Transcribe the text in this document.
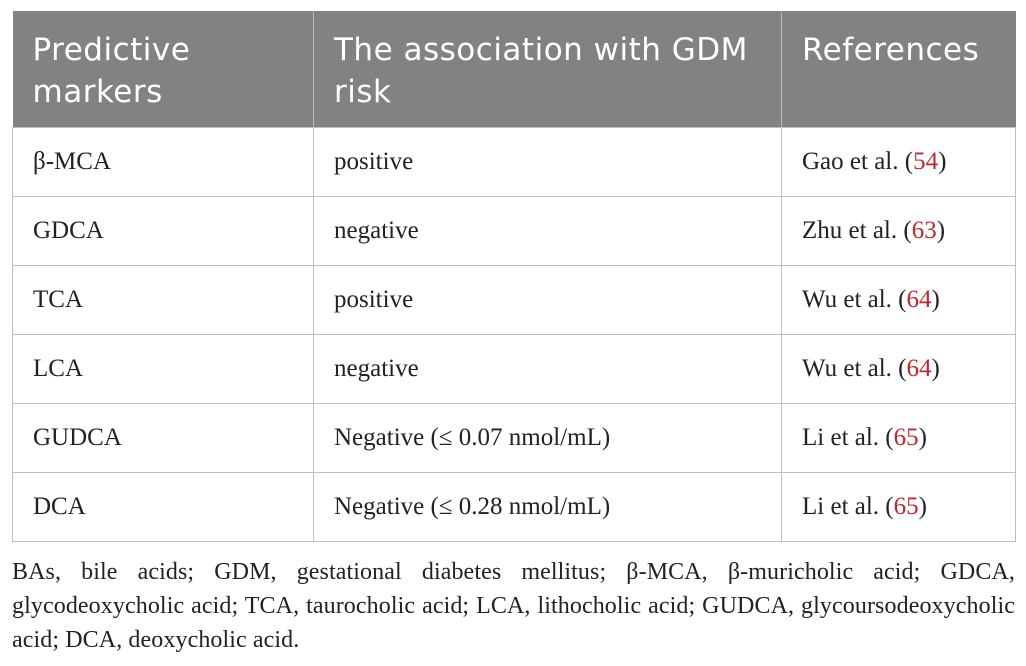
Predictive markers	The association with GDM risk	References
β-MCA	positive	Gao et al. (54)
GDCA	negative	Zhu et al. (63)
TCA	positive	Wu et al. (64)
LCA	negative	Wu et al. (64)
GUDCA	Negative (≤ 0.07 nmol/mL)	Li et al. (65)
DCA	Negative (≤ 0.28 nmol/mL)	Li et al. (65)
BAs, bile acids; GDM, gestational diabetes mellitus; β-MCA, β-muricholic acid; GDCA, glycodeoxycholic acid; TCA, taurocholic acid; LCA, lithocholic acid; GUDCA, glycoursodeoxycholic acid; DCA, deoxycholic acid.
